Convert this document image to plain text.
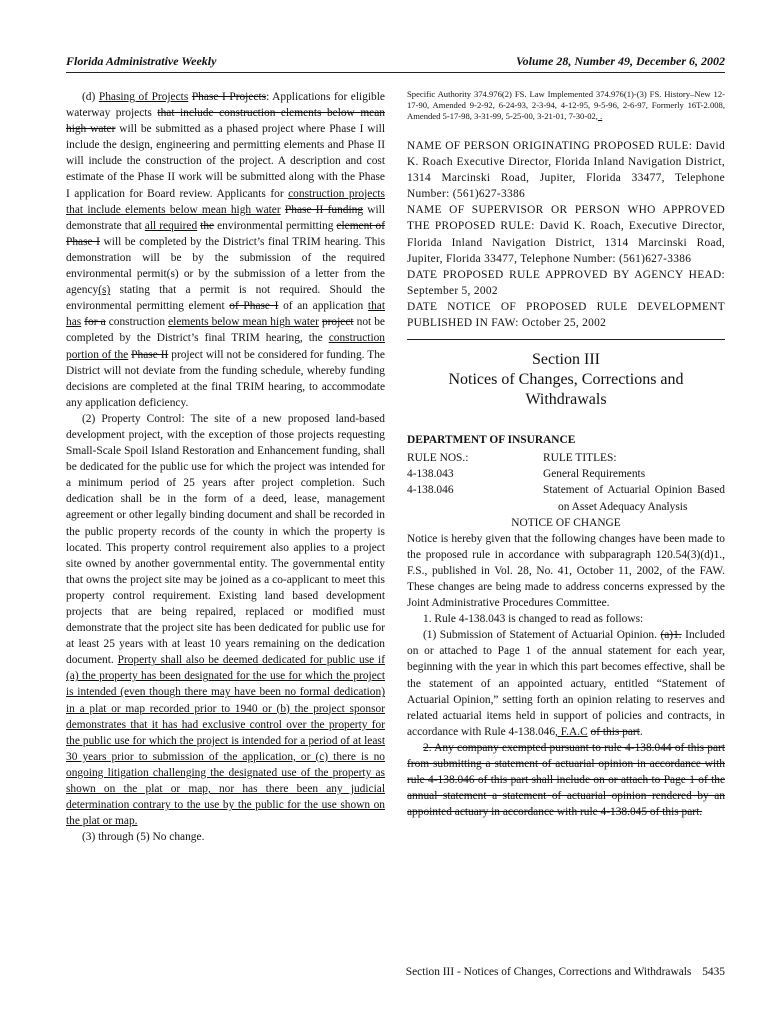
Florida Administrative Weekly	Volume 28, Number 49, December 6, 2002

(d) Phasing of Projects Phase I Projects: Applications for eligible waterway projects that include construction elements below mean high water will be submitted as a phased project where Phase I will include the design, engineering and permitting elements and Phase II will include the construction of the project. A description and cost estimate of the Phase II work will be submitted along with the Phase I application for Board review. Applicants for construction projects that include elements below mean high water Phase II funding will demonstrate that all required the environmental permitting element of Phase I will be completed by the District’s final TRIM hearing. This demonstration will be by the submission of the required environmental permit(s) or by the submission of a letter from the agency(s) stating that a permit is not required. Should the environmental permitting element of Phase I of an application that has for a construction elements below mean high water project not be completed by the District’s final TRIM hearing, the construction portion of the Phase II project will not be considered for funding. The District will not deviate from the funding schedule, whereby funding decisions are completed at the final TRIM hearing, to accommodate any application deficiency.

(2) Property Control: The site of a new proposed land-based development project, with the exception of those projects requesting Small-Scale Spoil Island Restoration and Enhancement funding, shall be dedicated for the public use for which the project was intended for a minimum period of 25 years after project completion. Such dedication shall be in the form of a deed, lease, management agreement or other legally binding document and shall be recorded in the public property records of the county in which the property is located. This property control requirement also applies to a project site owned by another governmental entity. The governmental entity that owns the project site may be joined as a co-applicant to meet this property control requirement. Existing land based development projects that are being repaired, replaced or modified must demonstrate that the project site has been dedicated for public use for at least 25 years with at least 10 years remaining on the dedication document. Property shall also be deemed dedicated for public use if (a) the property has been designated for the use for which the project is intended (even though there may have been no formal dedication) in a plat or map recorded prior to 1940 or (b) the project sponsor demonstrates that it has had exclusive control over the property for the public use for which the project is intended for a period of at least 30 years prior to submission of the application, or (c) there is no ongoing litigation challenging the designated use of the property as shown on the plat or map, nor has there been any judicial determination contrary to the use by the public for the use shown on the plat or map.

(3) through (5) No change.

Specific Authority 374.976(2) FS. Law Implemented 374.976(1)-(3) FS. History–New 12-17-90, Amended 9-2-92, 6-24-93, 2-3-94, 4-12-95, 9-5-96, 2-6-97, Formerly 16T-2.008, Amended 5-17-98, 3-31-99, 5-25-00, 3-21-01, 7-30-02, .

NAME OF PERSON ORIGINATING PROPOSED RULE: David K. Roach Executive Director, Florida Inland Navigation District, 1314 Marcinski Road, Jupiter, Florida 33477, Telephone Number: (561)627-3386

NAME OF SUPERVISOR OR PERSON WHO APPROVED THE PROPOSED RULE: David K. Roach, Executive Director, Florida Inland Navigation District, 1314 Marcinski Road, Jupiter, Florida 33477, Telephone Number: (561)627-3386

DATE PROPOSED RULE APPROVED BY AGENCY HEAD: September 5, 2002

DATE NOTICE OF PROPOSED RULE DEVELOPMENT PUBLISHED IN FAW: October 25, 2002

Section III
Notices of Changes, Corrections and Withdrawals
DEPARTMENT OF INSURANCE
RULE NOS.:	RULE TITLES:
4-138.043	General Requirements
4-138.046	Statement of Actuarial Opinion Based on Asset Adequacy Analysis
NOTICE OF CHANGE

Notice is hereby given that the following changes have been made to the proposed rule in accordance with subparagraph 120.54(3)(d)1., F.S., published in Vol. 28, No. 41, October 11, 2002, of the FAW. These changes are being made to address concerns expressed by the Joint Administrative Procedures Committee.

1. Rule 4-138.043 is changed to read as follows:

(1) Submission of Statement of Actuarial Opinion. (a)1. Included on or attached to Page 1 of the annual statement for each year, beginning with the year in which this part becomes effective, shall be the statement of an appointed actuary, entitled “Statement of Actuarial Opinion,” setting forth an opinion relating to reserves and related actuarial items held in support of policies and contracts, in accordance with Rule 4-138.046, F.A.C of this part.

2. Any company exempted pursuant to rule 4-138.044 of this part from submitting a statement of actuarial opinion in accordance with rule 4-138.046 of this part shall include on or attach to Page 1 of the annual statement a statement of actuarial opinion rendered by an appointed actuary in accordance with rule 4-138.045 of this part.

Section III - Notices of Changes, Corrections and Withdrawals 5435
